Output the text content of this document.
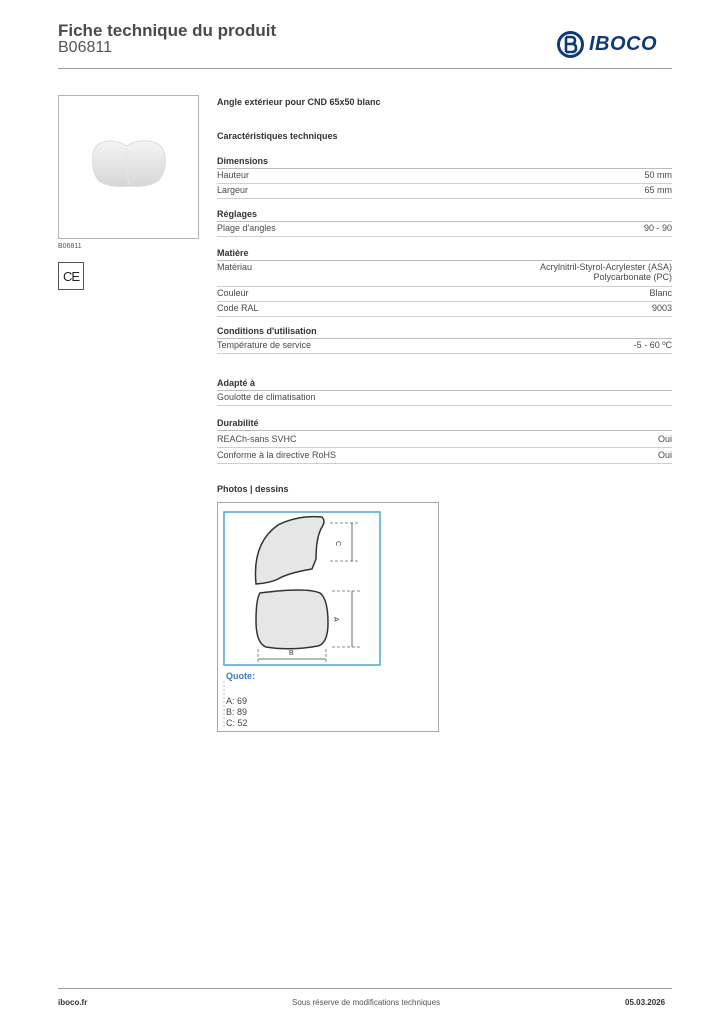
Fiche technique du produit
B06811	IBOCO
B06811
CE
Angle extérieur pour CND 65x50 blanc
Caractéristiques techniques
Dimensions
Hauteur	50 mm
Largeur	65 mm
Réglages
Plage d'angles	90 - 90
Matière
Matériau	Acrylnitril-Styrol-Acrylester (ASA)
Polycarbonate (PC)
Couleur	Blanc
Code RAL	9003
Conditions d'utilisation
Température de service	-5 - 60 ºC
Adapté à
Goulotte de climatisation
Durabilité
REACh-sans SVHC	Oui
Conforme à la directive RoHS	Oui
Photos | dessins
C
A
B
Quote:
A: 69
B: 89
C: 52
iboco.fr	Sous réserve de modifications techniques	05.03.2026
